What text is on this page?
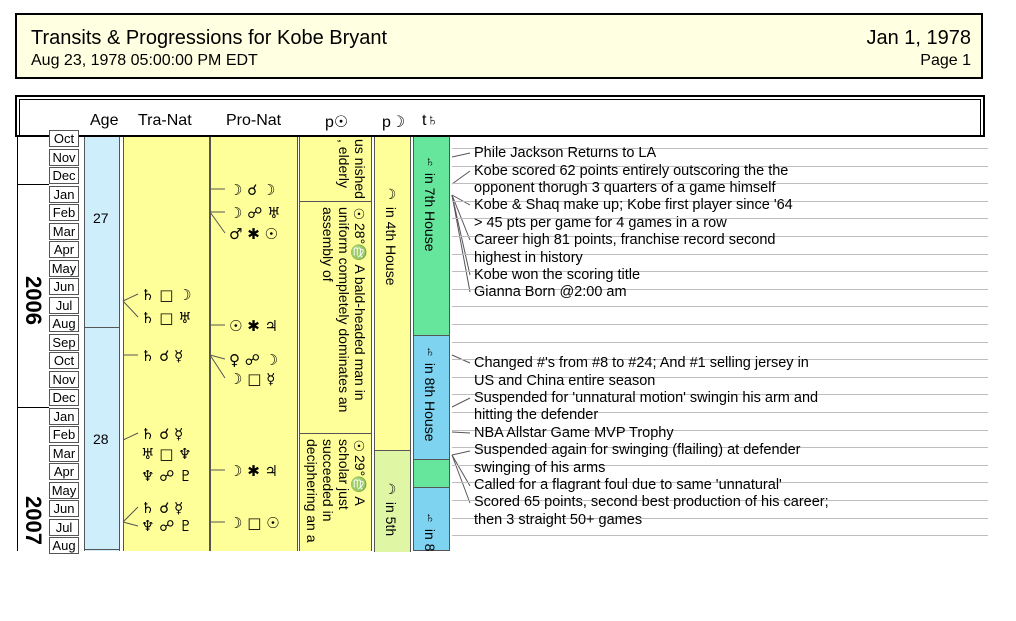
Transits & Progressions for Kobe Bryant
Aug 23, 1978 05:00:00 PM EDT
Jan 1, 1978
Page 1
Age Tra-Nat Pro-Nat	p☉ p☽ t♄
2006
2007
Oct
Nov
Dec
Jan
Feb
Mar
Apr
May
Jun
Jul
Aug
Sep
Oct
Nov
Dec
Jan
Feb
Mar
Apr
May
Jun
Jul
Aug
27
28
us nished , elderly
☉28°♍ A bald-headed man in uniform completely dominates an assembly of
☉29°♍ A scholar just succeeded in deciphering an a
☽ in 4th House
☽ in 5th
♄ in 7th House
♄ in 8th House
♄ in 8
♄ □ ☽
♄ □ ♅
♄ ☌ ☿
♄ ☌ ☿
♅ □ ♆
♆ ☍ ♇
♄ ☌ ☿
♆ ☍ ♇
☽ ☌ ☽
☽ ☍ ♅
♂ ✱ ☉
☉ ✱ ♃
♀ ☍ ☽
☽ □ ☿
☽ ✱ ♃
☽ □ ☉
Phile Jackson Returns to LA
Kobe scored 62 points entirely outscoring the the
opponent thorugh 3 quarters of a game himself
Kobe & Shaq make up; Kobe first player since '64
> 45 pts per game for 4 games in a row
Career high 81 points, franchise record second
highest in history
Kobe won the scoring title
Gianna Born @2:00 am
Changed #'s from #8 to #24; And #1 selling jersey in
US and China entire season
Suspended for 'unnatural motion' swingin his arm and
hitting the defender
NBA Allstar Game MVP Trophy
Suspended again for swinging (flailing) at defender
swinging of his arms
Called for a flagrant foul due to same 'unnatural'
Scored 65 points, second best production of his career;
then 3 straight 50+ games
